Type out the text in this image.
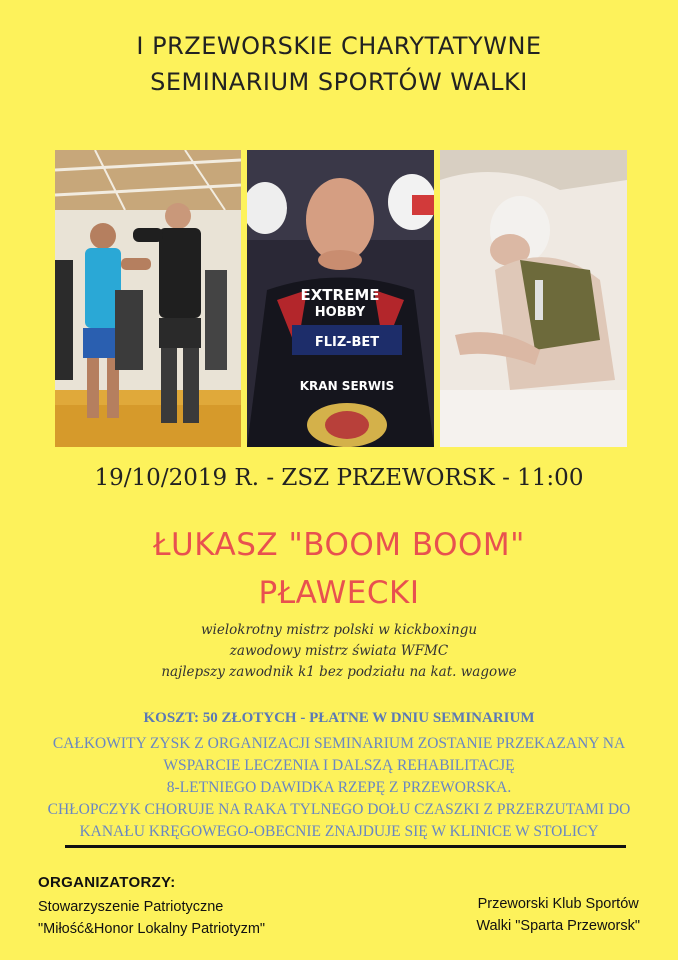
I PRZEWORSKIE CHARYTATYWNE
SEMINARIUM SPORTÓW WALKI
EXTREME
HOBBY
FLIZ-BET
KRAN SERWIS
19/10/2019 R. - ZSZ PRZEWORSK - 11:00
ŁUKASZ "BOOM BOOM"
PŁAWECKI
wielokrotny mistrz polski w kickboxingu
zawodowy mistrz świata WFMC
najlepszy zawodnik k1 bez podziału na kat. wagowe
KOSZT: 50 ZŁOTYCH - PŁATNE W DNIU SEMINARIUM
CAŁKOWITY ZYSK Z ORGANIZACJI SEMINARIUM ZOSTANIE PRZEKAZANY NA
WSPARCIE LECZENIA I DALSZĄ REHABILITACJĘ
8-LETNIEGO DAWIDKA RZEPĘ Z PRZEWORSKA.
CHŁOPCZYK CHORUJE NA RAKA TYLNEGO DOŁU CZASZKI Z PRZERZUTAMI DO
KANAŁU KRĘGOWEGO-OBECNIE ZNAJDUJE SIĘ W KLINICE W STOLICY
ORGANIZATORZY:
Stowarzyszenie Patriotyczne
"Miłość&Honor Lokalny Patriotyzm"
Przeworski Klub Sportów
Walki "Sparta Przeworsk"
